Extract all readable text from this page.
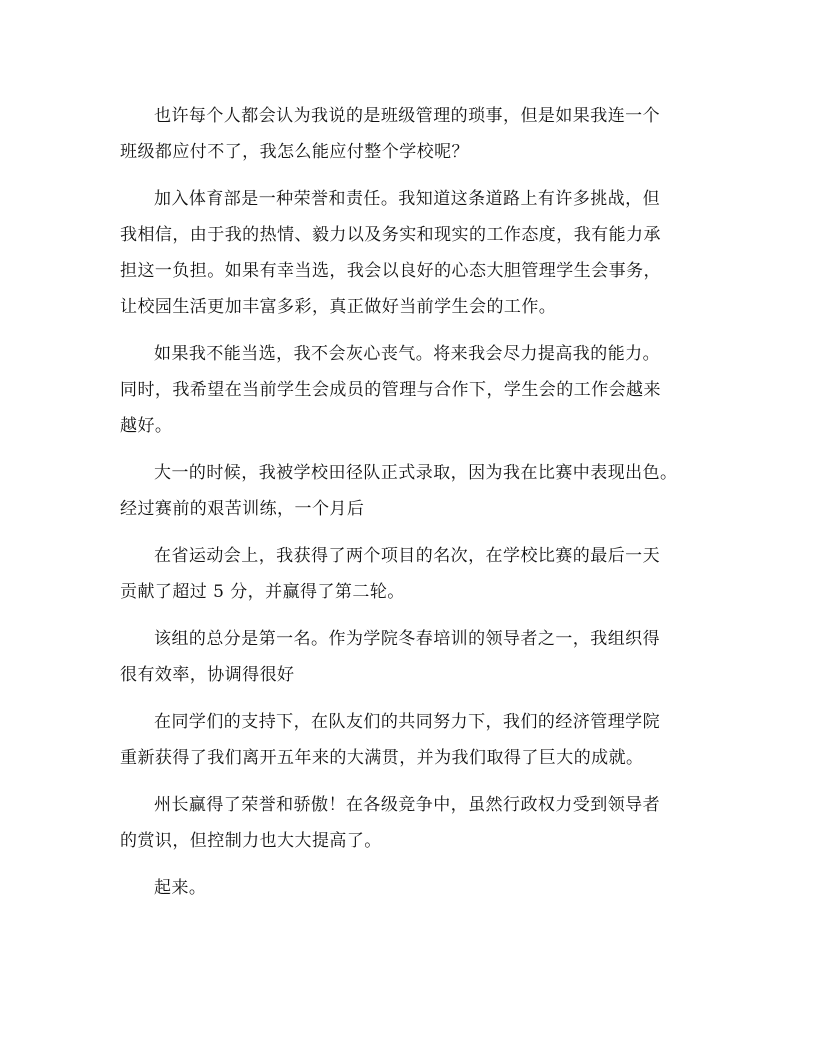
也许每个人都会认为我说的是班级管理的琐事，但是如果我连一个
班级都应付不了，我怎么能应付整个学校呢？

加入体育部是一种荣誉和责任。我知道这条道路上有许多挑战，但
我相信，由于我的热情、毅力以及务实和现实的工作态度，我有能力承
担这一负担。如果有幸当选，我会以良好的心态大胆管理学生会事务，
让校园生活更加丰富多彩，真正做好当前学生会的工作。

如果我不能当选，我不会灰心丧气。将来我会尽力提高我的能力。
同时，我希望在当前学生会成员的管理与合作下，学生会的工作会越来
越好。

大一的时候，我被学校田径队正式录取，因为我在比赛中表现出色。
经过赛前的艰苦训练，一个月后

在省运动会上，我获得了两个项目的名次，在学校比赛的最后一天
贡献了超过 5 分，并赢得了第二轮。

该组的总分是第一名。作为学院冬春培训的领导者之一，我组织得
很有效率，协调得很好

在同学们的支持下，在队友们的共同努力下，我们的经济管理学院
重新获得了我们离开五年来的大满贯，并为我们取得了巨大的成就。

州长赢得了荣誉和骄傲！在各级竞争中，虽然行政权力受到领导者
的赏识，但控制力也大大提高了。

起来。
